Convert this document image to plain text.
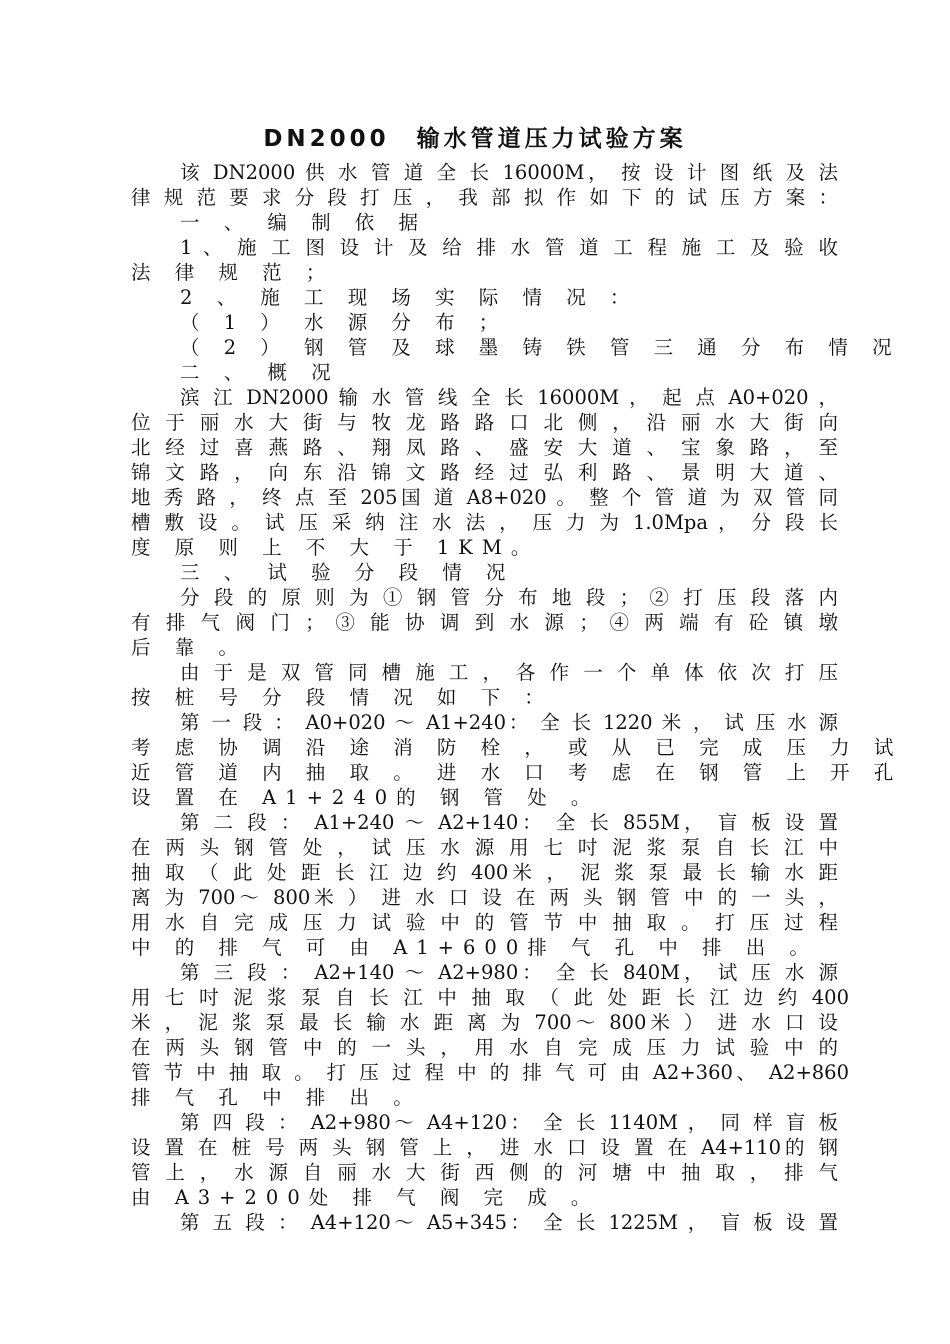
DN2000　输水管道压力试验方案
该 DN2000 供 水 管 道 全 长 16000M， 按 设 计 图 纸 及 法
律 规 范 要 求 分 段 打 压 ， 我 部 拟 作 如 下 的 试 压 方 案 ：
一 、 编 制 依 据
1 、 施 工 图 设 计 及 给 排 水 管 道 工 程 施 工 及 验 收
法 律 规 范 ；
2 、 施 工 现 场 实 际 情 况 ：
（ 1 ） 水 源 分 布 ；
（ 2 ） 钢 管 及 球 墨 铸 铁 管 三 通 分 布 情 况
二 、 概 况
滨 江 DN2000 输 水 管 线 全 长 16000M ， 起 点 A0+020 ，
位 于 丽 水 大 街 与 牧 龙 路 路 口 北 侧 ， 沿 丽 水 大 街 向
北 经 过 喜 燕 路 、 翔 凤 路 、 盛 安 大 道 、 宝 象 路 ， 至
锦 文 路 ， 向 东 沿 锦 文 路 经 过 弘 利 路 、 景 明 大 道 、
地 秀 路 ， 终 点 至 205国 道 A8+020 。 整 个 管 道 为 双 管 同
槽 敷 设 。 试 压 采 纳 注 水 法 ， 压 力 为 1.0Mpa ， 分 段 长
度 原 则 上 不 大 于 1KM。
三 、 试 验 分 段 情 况
分 段 的 原 则 为 ① 钢 管 分 布 地 段 ； ② 打 压 段 落 内
有 排 气 阀 门 ； ③ 能 协 调 到 水 源 ； ④ 两 端 有 砼 镇 墩
后 靠 。
由 于 是 双 管 同 槽 施 工 ， 各 作 一 个 单 体 依 次 打 压
按 桩 号 分 段 情 况 如 下 ：
第 一 段 ： A0+020 ～ A1+240： 全 长 1220 米 ， 试 压 水 源
考 虑 协 调 沿 途 消 防 栓 ， 或 从 已 完 成 压 力 试
近 管 道 内 抽 取 。 进 水 口 考 虑 在 钢 管 上 开 孔
设 置 在 A1+240的 钢 管 处 。
第 二 段 ： A1+240 ～ A2+140： 全 长 855M， 盲 板 设 置
在 两 头 钢 管 处 ， 试 压 水 源 用 七 吋 泥 浆 泵 自 长 江 中
抽 取 （ 此 处 距 长 江 边 约 400米 ， 泥 浆 泵 最 长 输 水 距
离 为 700～ 800米 ） 进 水 口 设 在 两 头 钢 管 中 的 一 头 ，
用 水 自 完 成 压 力 试 验 中 的 管 节 中 抽 取 。 打 压 过 程
中 的 排 气 可 由 A1+600排 气 孔 中 排 出 。
第 三 段 ： A2+140 ～ A2+980： 全 长 840M， 试 压 水 源
用 七 吋 泥 浆 泵 自 长 江 中 抽 取 （ 此 处 距 长 江 边 约 400
米 ， 泥 浆 泵 最 长 输 水 距 离 为 700～ 800米 ） 进 水 口 设
在 两 头 钢 管 中 的 一 头 ， 用 水 自 完 成 压 力 试 验 中 的
管 节 中 抽 取 。 打 压 过 程 中 的 排 气 可 由 A2+360、 A2+860
排 气 孔 中 排 出 。
第 四 段 ： A2+980～ A4+120： 全 长 1140M ， 同 样 盲 板
设 置 在 桩 号 两 头 钢 管 上 ， 进 水 口 设 置 在 A4+110的 钢
管 上 ， 水 源 自 丽 水 大 街 西 侧 的 河 塘 中 抽 取 ， 排 气
由 A3+200处 排 气 阀 完 成 。
第 五 段 ： A4+120～ A5+345： 全 长 1225M ， 盲 板 设 置
